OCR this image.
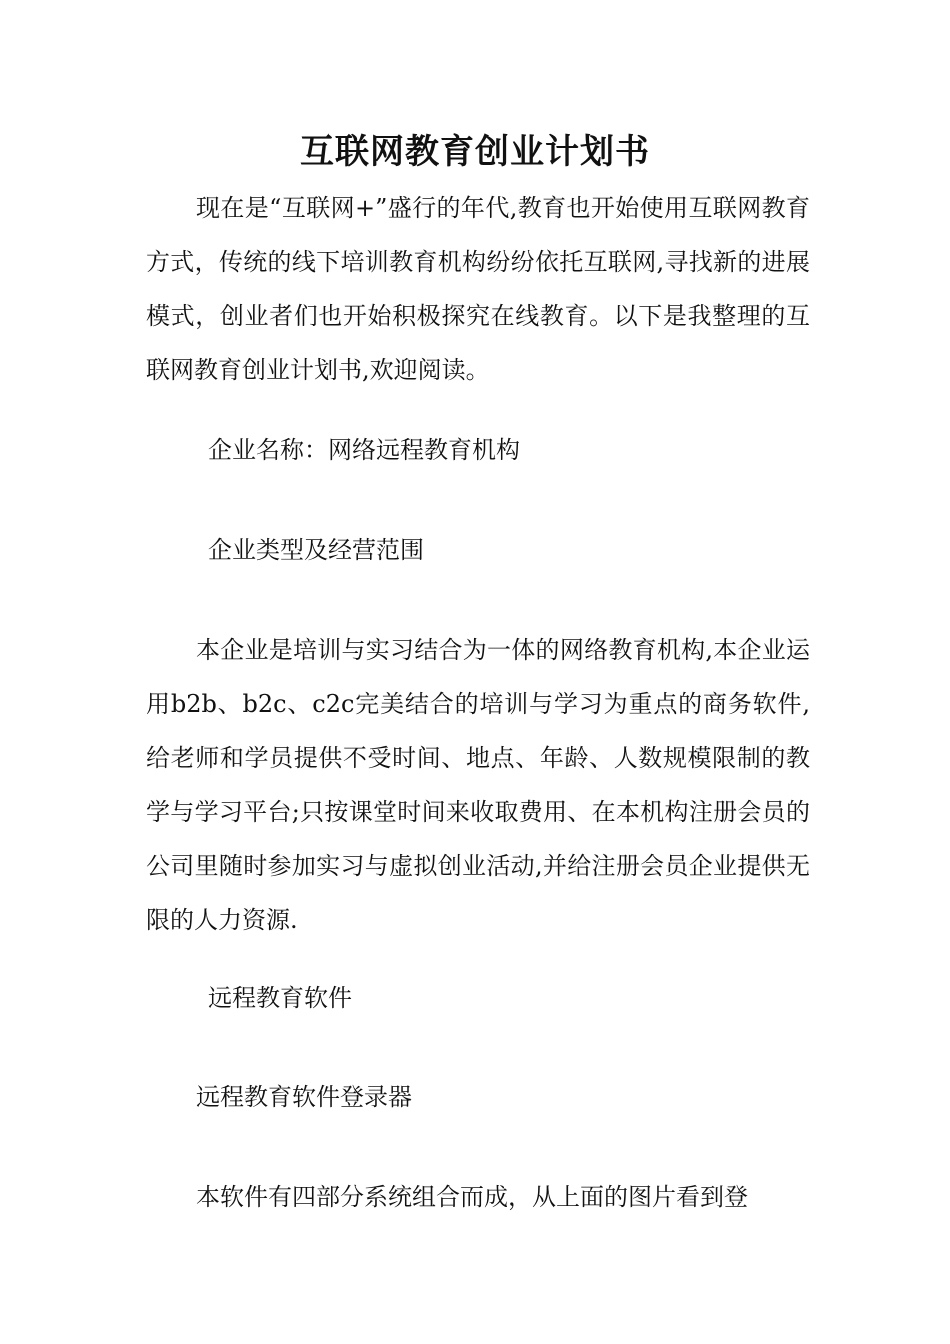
互联网教育创业计划书

现在是“互联网+”盛行的年代,教育也开始使用互联网教育方式，传统的线下培训教育机构纷纷依托互联网,寻找新的进展模式，创业者们也开始积极探究在线教育。以下是我整理的互联网教育创业计划书,欢迎阅读。

企业名称：网络远程教育机构

企业类型及经营范围

本企业是培训与实习结合为一体的网络教育机构,本企业运用b2b、b2c、c2c完美结合的培训与学习为重点的商务软件,给老师和学员提供不受时间、地点、年龄、人数规模限制的教学与学习平台;只按课堂时间来收取费用、在本机构注册会员的公司里随时参加实习与虚拟创业活动,并给注册会员企业提供无限的人力资源.

远程教育软件

远程教育软件登录器

本软件有四部分系统组合而成，从上面的图片看到登
